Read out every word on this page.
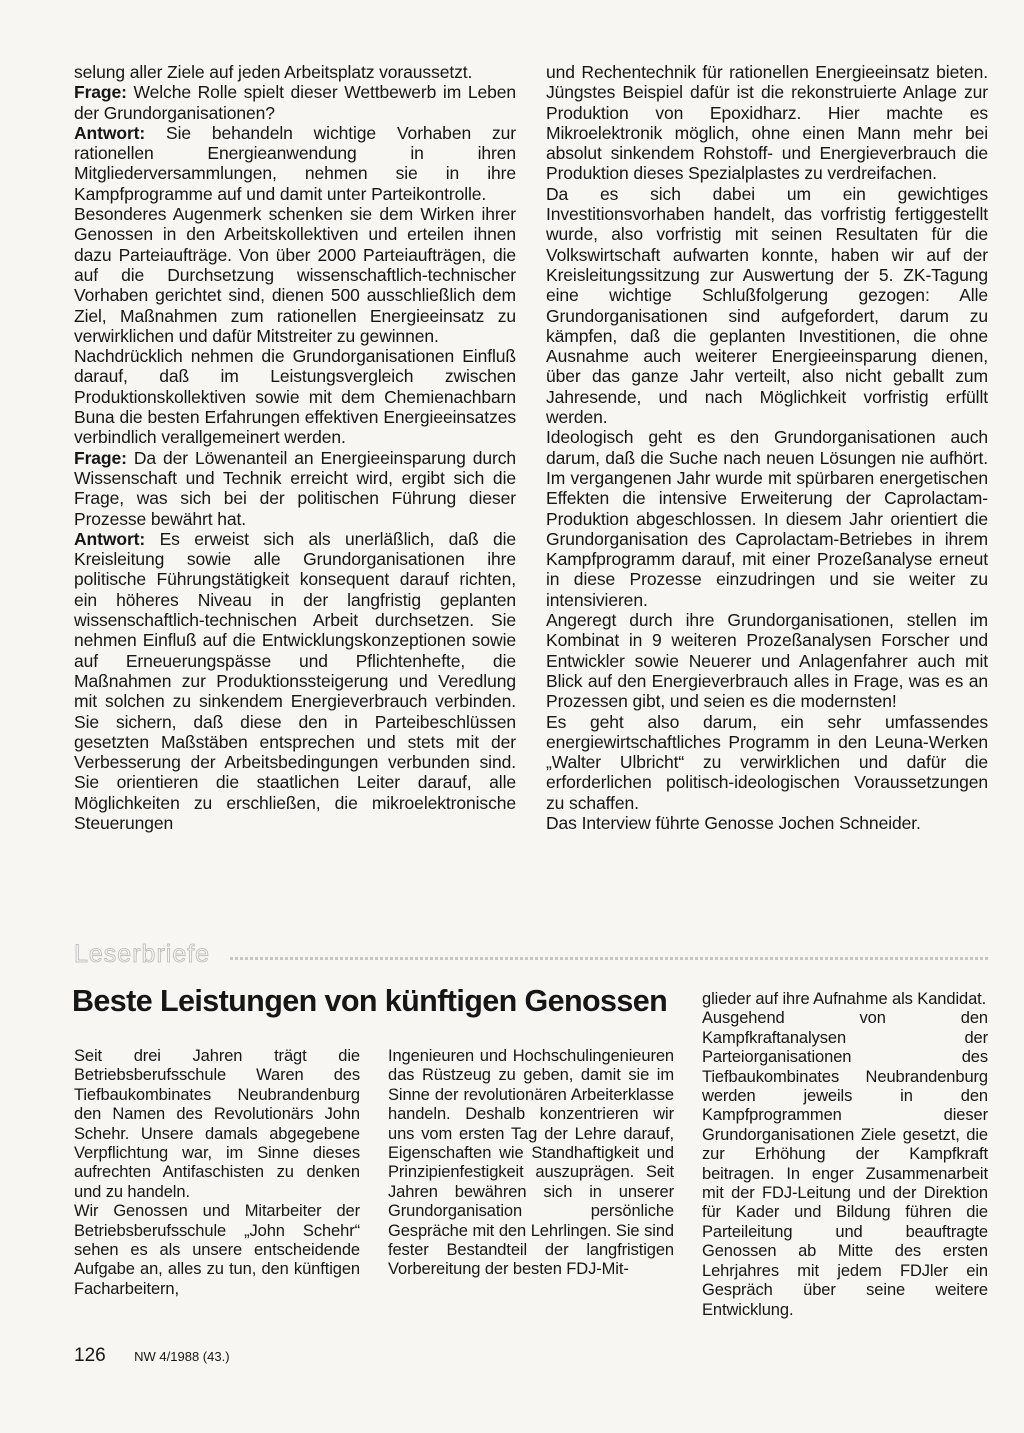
selung aller Ziele auf jeden Arbeitsplatz voraussetzt.

Frage: Welche Rolle spielt dieser Wettbewerb im Leben der Grundorganisationen?

Antwort: Sie behandeln wichtige Vorhaben zur rationellen Energieanwendung in ihren Mitgliederversammlungen, nehmen sie in ihre Kampfprogramme auf und damit unter Parteikontrolle.

Besonderes Augenmerk schenken sie dem Wirken ihrer Genossen in den Arbeitskollektiven und erteilen ihnen dazu Parteiaufträge. Von über 2000 Parteiaufträgen, die auf die Durchsetzung wissenschaftlich-technischer Vorhaben gerichtet sind, dienen 500 ausschließlich dem Ziel, Maßnahmen zum rationellen Energieeinsatz zu verwirklichen und dafür Mitstreiter zu gewinnen.

Nachdrücklich nehmen die Grundorganisationen Einfluß darauf, daß im Leistungsvergleich zwischen Produktionskollektiven sowie mit dem Chemienachbarn Buna die besten Erfahrungen effektiven Energieeinsatzes verbindlich verallgemeinert werden.

Frage: Da der Löwenanteil an Energieeinsparung durch Wissenschaft und Technik erreicht wird, ergibt sich die Frage, was sich bei der politischen Führung dieser Prozesse bewährt hat.

Antwort: Es erweist sich als unerläßlich, daß die Kreisleitung sowie alle Grundorganisationen ihre politische Führungstätigkeit konsequent darauf richten, ein höheres Niveau in der langfristig geplanten wissenschaftlich-technischen Arbeit durchsetzen. Sie nehmen Einfluß auf die Entwicklungskonzeptionen sowie auf Erneuerungspässe und Pflichtenhefte, die Maßnahmen zur Produktionssteigerung und Veredlung mit solchen zu sinkendem Energieverbrauch verbinden. Sie sichern, daß diese den in Parteibeschlüssen gesetzten Maßstäben entsprechen und stets mit der Verbesserung der Arbeitsbedingungen verbunden sind. Sie orientieren die staatlichen Leiter darauf, alle Möglichkeiten zu erschließen, die mikroelektronische Steuerungen

und Rechentechnik für rationellen Energieeinsatz bieten. Jüngstes Beispiel dafür ist die rekonstruierte Anlage zur Produktion von Epoxidharz. Hier machte es Mikroelektronik möglich, ohne einen Mann mehr bei absolut sinkendem Rohstoff- und Energieverbrauch die Produktion dieses Spezialplastes zu verdreifachen.

Da es sich dabei um ein gewichtiges Investitionsvorhaben handelt, das vorfristig fertiggestellt wurde, also vorfristig mit seinen Resultaten für die Volkswirtschaft aufwarten konnte, haben wir auf der Kreisleitungssitzung zur Auswertung der 5. ZK-Tagung eine wichtige Schlußfolgerung gezogen: Alle Grundorganisationen sind aufgefordert, darum zu kämpfen, daß die geplanten Investitionen, die ohne Ausnahme auch weiterer Energieeinsparung dienen, über das ganze Jahr verteilt, also nicht geballt zum Jahresende, und nach Möglichkeit vorfristig erfüllt werden.

Ideologisch geht es den Grundorganisationen auch darum, daß die Suche nach neuen Lösungen nie aufhört. Im vergangenen Jahr wurde mit spürbaren energetischen Effekten die intensive Erweiterung der Caprolactam-Produktion abgeschlossen. In diesem Jahr orientiert die Grundorganisation des Caprolactam-Betriebes in ihrem Kampfprogramm darauf, mit einer Prozeßanalyse erneut in diese Prozesse einzudringen und sie weiter zu intensivieren.

Angeregt durch ihre Grundorganisationen, stellen im Kombinat in 9 weiteren Prozeßanalysen Forscher und Entwickler sowie Neuerer und Anlagenfahrer auch mit Blick auf den Energieverbrauch alles in Frage, was es an Prozessen gibt, und seien es die modernsten!

Es geht also darum, ein sehr umfassendes energiewirtschaftliches Programm in den Leuna-Werken „Walter Ulbricht“ zu verwirklichen und dafür die erforderlichen politisch-ideologischen Voraussetzungen zu schaffen.

Das Interview führte Genosse Jochen Schneider.

Leserbriefe
Beste Leistungen von künftigen Genossen

Seit drei Jahren trägt die Betriebsberufsschule Waren des Tiefbaukombinates Neubrandenburg den Namen des Revolutionärs John Schehr. Unsere damals abgegebene Verpflichtung war, im Sinne dieses aufrechten Antifaschisten zu denken und zu handeln.

Wir Genossen und Mitarbeiter der Betriebsberufsschule „John Schehr“ sehen es als unsere entscheidende Aufgabe an, alles zu tun, den künftigen Facharbeitern,

Ingenieuren und Hochschulingenieuren das Rüstzeug zu geben, damit sie im Sinne der revolutionären Arbeiterklasse handeln. Deshalb konzentrieren wir uns vom ersten Tag der Lehre darauf, Eigenschaften wie Standhaftigkeit und Prinzipienfestigkeit auszuprägen. Seit Jahren bewähren sich in unserer Grundorganisation persönliche Gespräche mit den Lehrlingen. Sie sind fester Bestandteil der langfristigen Vorbereitung der besten FDJ-Mit-

glieder auf ihre Aufnahme als Kandidat.

Ausgehend von den Kampfkraftanalysen der Parteiorganisationen des Tiefbaukombinates Neubrandenburg werden jeweils in den Kampfprogrammen dieser Grundorganisationen Ziele gesetzt, die zur Erhöhung der Kampfkraft beitragen. In enger Zusammenarbeit mit der FDJ-Leitung und der Direktion für Kader und Bildung führen die Parteileitung und beauftragte Genossen ab Mitte des ersten Lehrjahres mit jedem FDJler ein Gespräch über seine weitere Entwicklung.

126 NW 4/1988 (43.)
